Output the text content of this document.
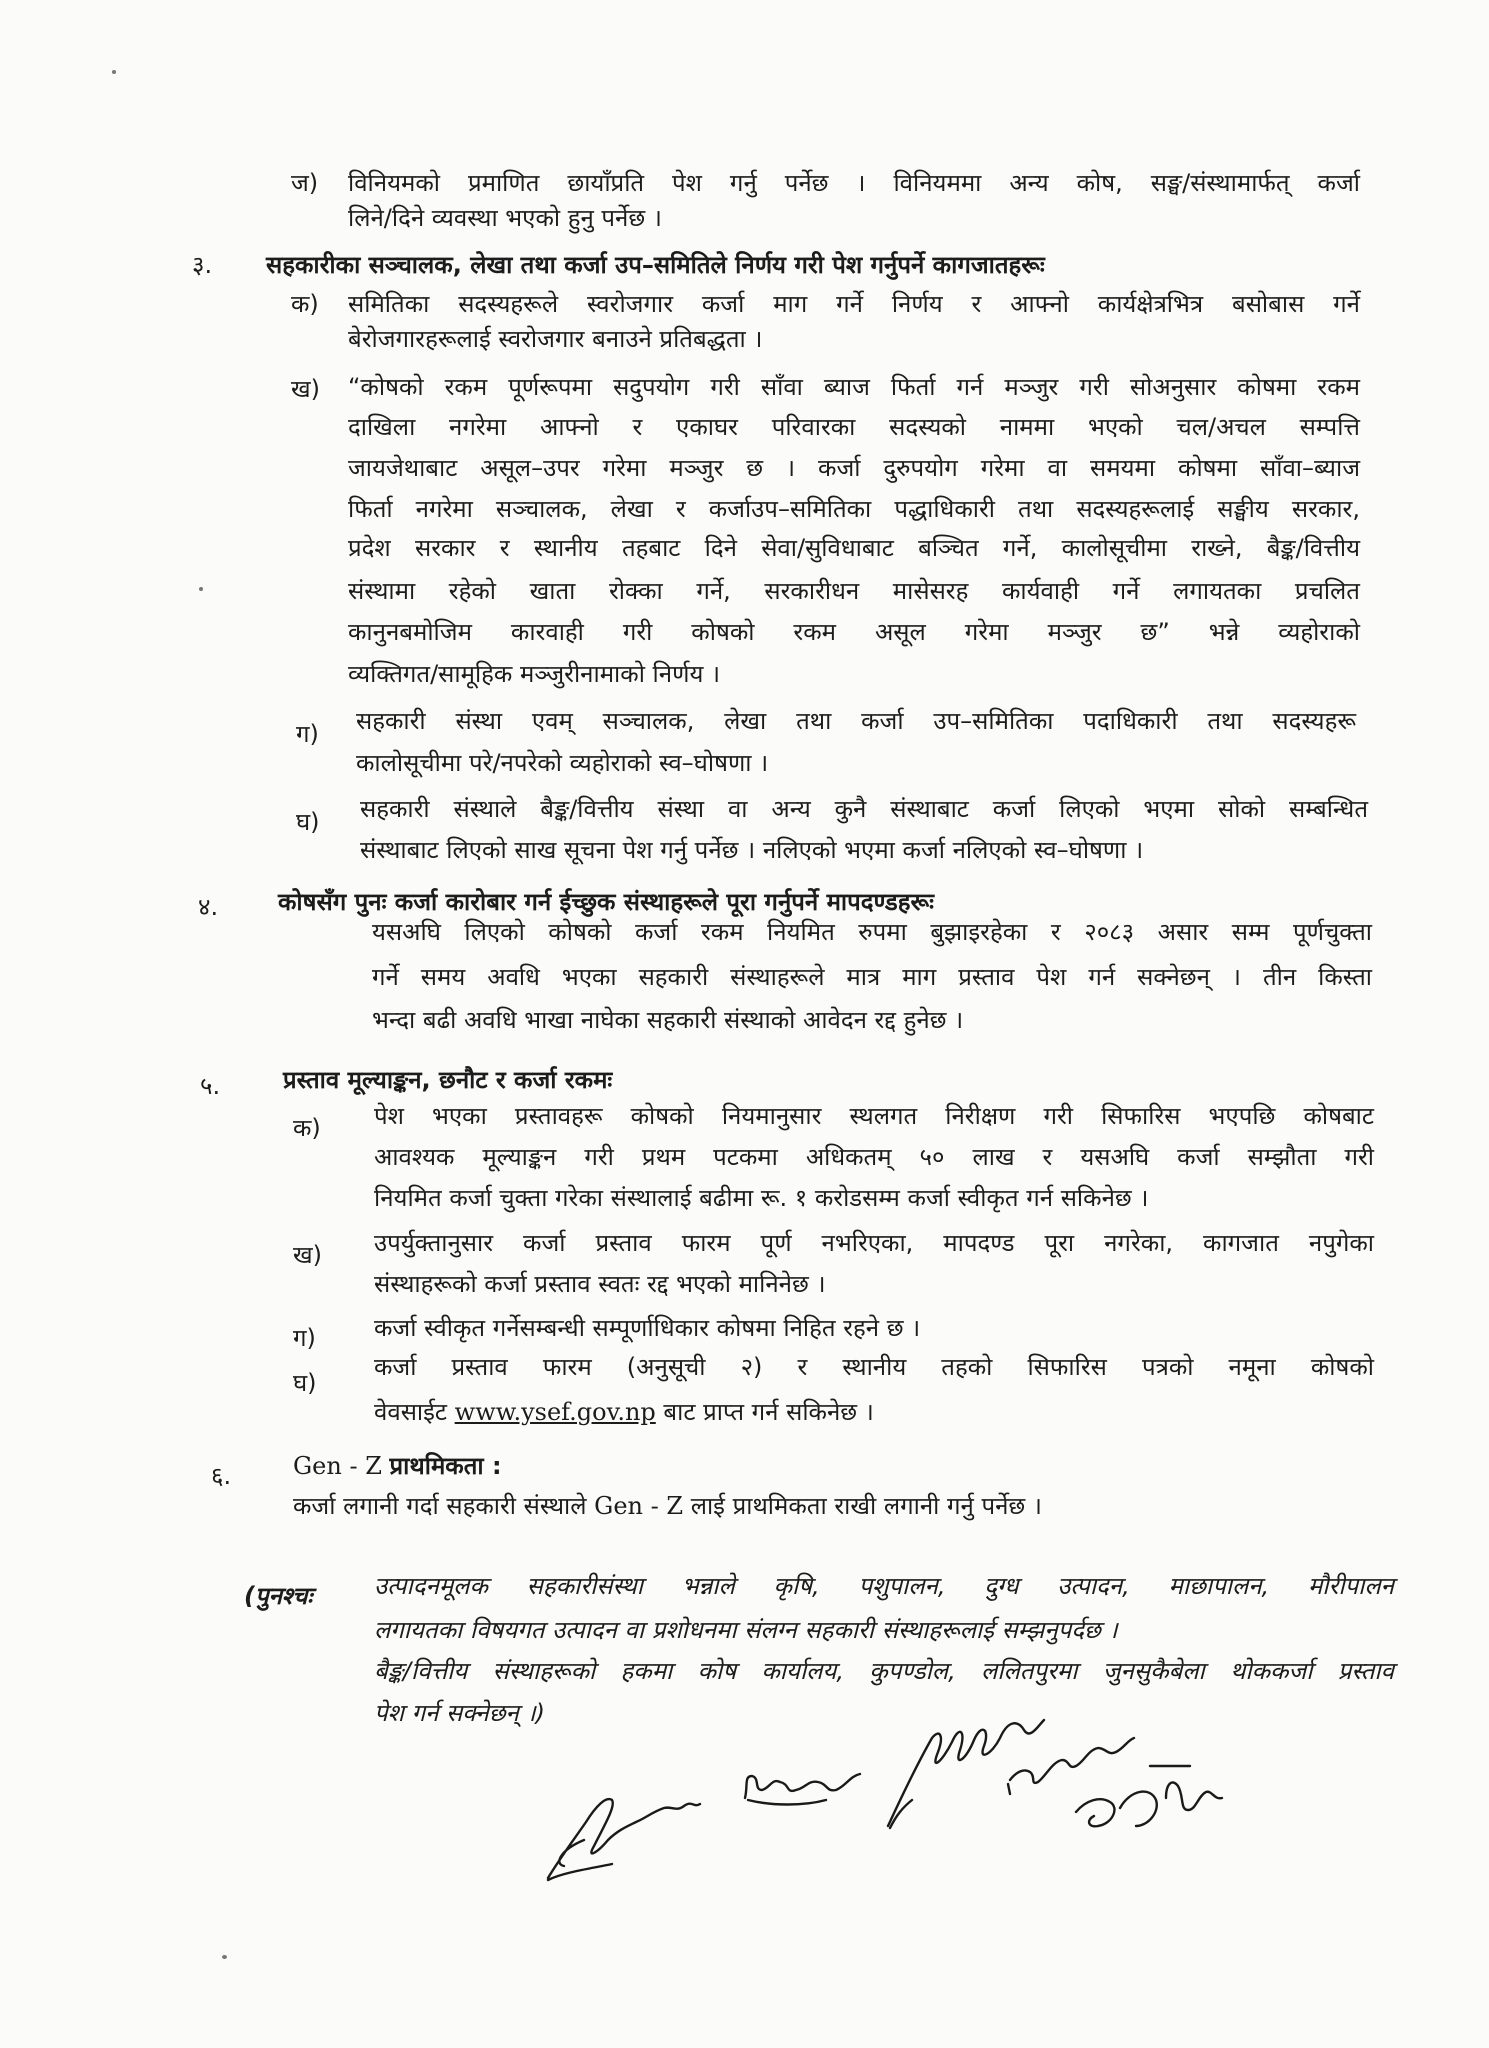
ज) विनियमको प्रमाणित छायाँप्रति पेश गर्नु पर्नेछ । विनियममा अन्य कोष, सङ्घ/संस्थामार्फत् कर्जा
लिने/दिने व्यवस्था भएको हुनु पर्नेछ ।
३. सहकारीका सञ्चालक, लेखा तथा कर्जा उप–समितिले निर्णय गरी पेश गर्नुपर्ने कागजातहरूः
क) समितिका सदस्यहरूले स्वरोजगार कर्जा माग गर्ने निर्णय र आफ्नो कार्यक्षेत्रभित्र बसोबास गर्ने
बेरोजगारहरूलाई स्वरोजगार बनाउने प्रतिबद्धता ।
ख) “कोषको रकम पूर्णरूपमा सदुपयोग गरी साँवा ब्याज फिर्ता गर्न मञ्जुर गरी सोअनुसार कोषमा रकम
दाखिला नगरेमा आफ्नो र एकाघर परिवारका सदस्यको नाममा भएको चल/अचल सम्पत्ति
जायजेथाबाट असूल–उपर गरेमा मञ्जुर छ । कर्जा दुरुपयोग गरेमा वा समयमा कोषमा साँवा–ब्याज
फिर्ता नगरेमा सञ्चालक, लेखा र कर्जाउप–समितिका पद्धाधिकारी तथा सदस्यहरूलाई सङ्घीय सरकार,
प्रदेश सरकार र स्थानीय तहबाट दिने सेवा/सुविधाबाट बञ्चित गर्ने, कालोसूचीमा राख्ने, बैङ्क/वित्तीय
संस्थामा रहेको खाता रोक्का गर्ने, सरकारीधन मासेसरह कार्यवाही गर्ने लगायतका प्रचलित
कानुनबमोजिम कारवाही गरी कोषको रकम असूल गरेमा मञ्जुर छ” भन्ने व्यहोराको
व्यक्तिगत/सामूहिक मञ्जुरीनामाको निर्णय ।
ग) सहकारी संस्था एवम् सञ्चालक, लेखा तथा कर्जा उप–समितिका पदाधिकारी तथा सदस्यहरू
कालोसूचीमा परे/नपरेको व्यहोराको स्व–घोषणा ।
घ) सहकारी संस्थाले बैङ्क/वित्तीय संस्था वा अन्य कुनै संस्थाबाट कर्जा लिएको भएमा सोको सम्बन्धित
संस्थाबाट लिएको साख सूचना पेश गर्नु पर्नेछ । नलिएको भएमा कर्जा नलिएको स्व–घोषणा ।
४. कोषसँग पुनः कर्जा कारोबार गर्न ईच्छुक संस्थाहरूले पूरा गर्नुपर्ने मापदण्डहरूः
यसअघि लिएको कोषको कर्जा रकम नियमित रुपमा बुझाइरहेका र २०८३ असार सम्म पूर्णचुक्ता
गर्ने समय अवधि भएका सहकारी संस्थाहरूले मात्र माग प्रस्ताव पेश गर्न सक्नेछन् । तीन किस्ता
भन्दा बढी अवधि भाखा नाघेका सहकारी संस्थाको आवेदन रद्द हुनेछ ।
५.	प्रस्ताव मूल्याङ्कन, छनौट र कर्जा रकमः
क) पेश भएका प्रस्तावहरू कोषको नियमानुसार स्थलगत निरीक्षण गरी सिफारिस भएपछि कोषबाट
आवश्यक मूल्याङ्कन गरी प्रथम पटकमा अधिकतम् ५० लाख र यसअघि कर्जा सम्झौता गरी
नियमित कर्जा चुक्ता गरेका संस्थालाई बढीमा रू. १ करोडसम्म कर्जा स्वीकृत गर्न सकिनेछ ।
ख) उपर्युक्तानुसार कर्जा प्रस्ताव फारम पूर्ण नभरिएका, मापदण्ड पूरा नगरेका, कागजात नपुगेका
संस्थाहरूको कर्जा प्रस्ताव स्वतः रद्द भएको मानिनेछ ।
ग) कर्जा स्वीकृत गर्नेसम्बन्धी सम्पूर्णाधिकार कोषमा निहित रहने छ ।
घ)
कर्जा प्रस्ताव फारम (अनुसूची २) र स्थानीय तहको सिफारिस पत्रको नमूना कोषको
वेवसाईट www.ysef.gov.np बाट प्राप्त गर्न सकिनेछ ।
६.	Gen - Z प्राथमिकता :
कर्जा लगानी गर्दा सहकारी संस्थाले Gen - Z लाई प्राथमिकता राखी लगानी गर्नु पर्नेछ ।
(पुनश्चः	उत्पादनमूलक सहकारीसंस्था भन्नाले कृषि, पशुपालन, दुग्ध उत्पादन, माछापालन, मौरीपालन
लगायतका विषयगत उत्पादन वा प्रशोधनमा संलग्न सहकारी संस्थाहरूलाई सम्झनुपर्दछ ।
बैङ्क/वित्तीय संस्थाहरूको हकमा कोष कार्यालय, कुपण्डोल, ललितपुरमा जुनसुकैबेला थोककर्जा प्रस्ताव
पेश गर्न सक्नेछन् ।)
